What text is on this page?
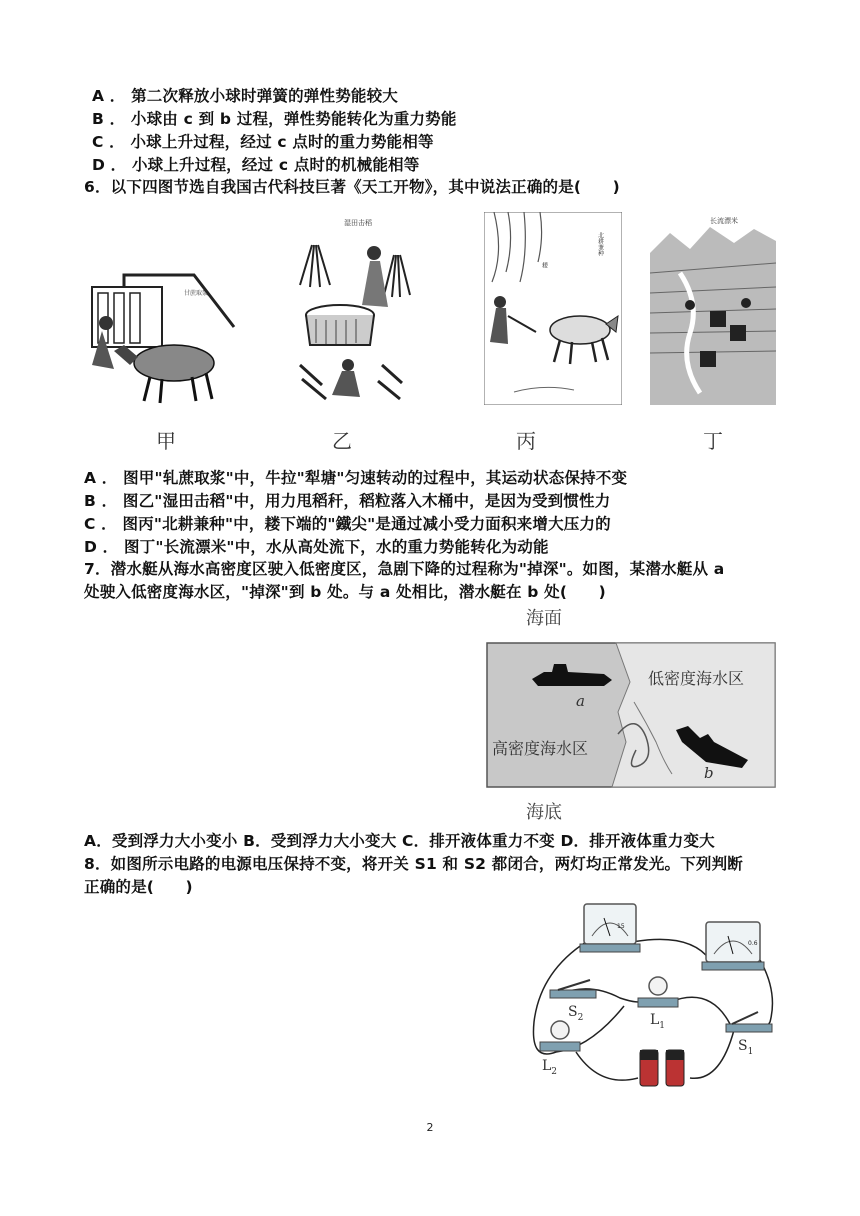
A ． 第二次释放小球时弹簧的弹性势能较大
B ． 小球由 c 到 b 过程，弹性势能转化为重力势能
C ． 小球上升过程，经过 c 点时的重力势能相等
D ． 小球上升过程，经过 c 点时的机械能相等
6．以下四图节选自我国古代科技巨著《天工开物》，其中说法正确的是(　　)
甘蔗取浆
甲
湿田击稻
乙
北耕兼种
耧
丙
长流漂米
丁
A ． 图甲"轧蔗取浆"中，牛拉"犁塘"匀速转动的过程中，其运动状态保持不变
B ． 图乙"湿田击稻"中，用力甩稻秆，稻粒落入木桶中，是因为受到惯性力
C ． 图丙"北耕兼种"中，耧下端的"鐵尖"是通过减小受力面积来增大压力的
D ． 图丁"长流漂米"中，水从高处流下，水的重力势能转化为动能
7．潜水艇从海水高密度区驶入低密度区，急剧下降的过程称为"掉深"。如图，某潜水艇从 a
处驶入低密度海水区，"掉深"到 b 处。与 a 处相比，潜水艇在 b 处(　　)
海面
低密度海水区
高密度海水区
a
b
海底
A．受到浮力大小变小 B．受到浮力大小变大 C．排开液体重力不变 D．排开液体重力变大
8．如图所示电路的电源电压保持不变，将开关 S1 和 S2 都闭合，两灯均正常发光。下列判断
正确的是(　　)
15
0.6
$S_2$	$L_1$
$S_1$
$L_2$
2
